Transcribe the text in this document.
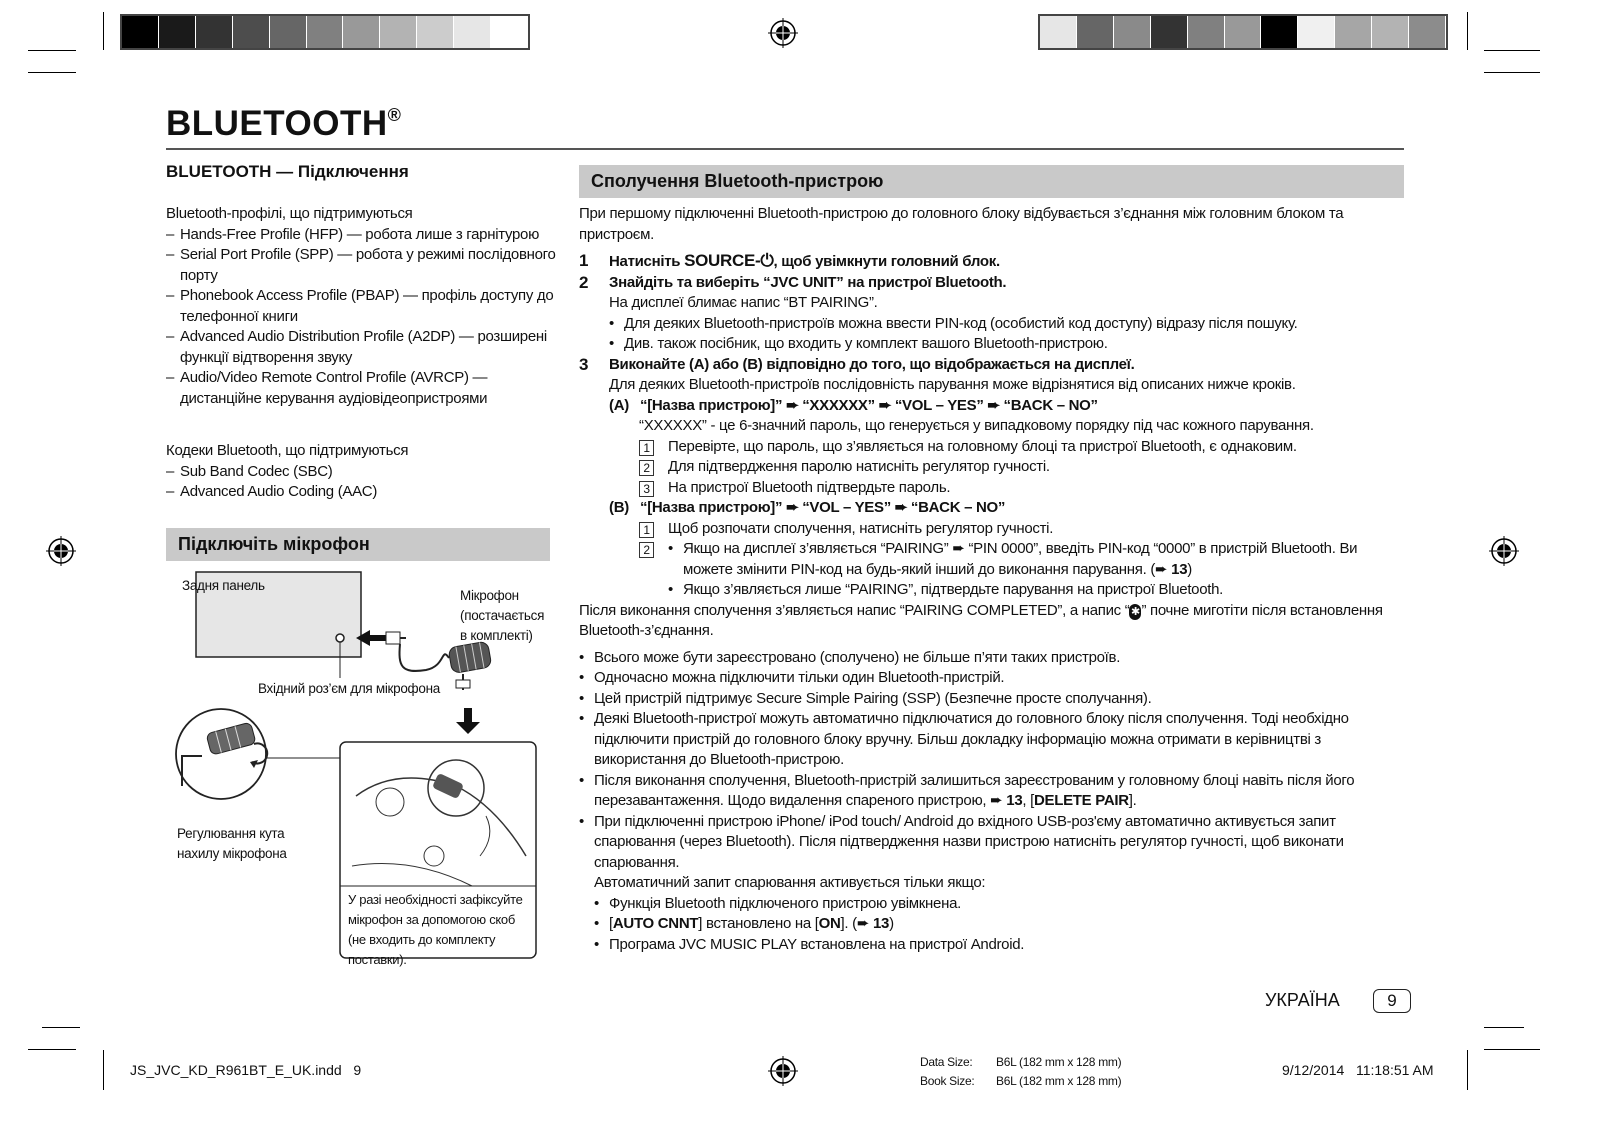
BLUETOOTH®
BLUETOOTH — Підключення
Bluetooth-профілі, що підтримуються
– Hands-Free Profile (HFP) — робота лише з гарнітурою
– Serial Port Profile (SPP) — робота у режимі послідовного порту
– Phonebook Access Profile (PBAP) — профіль доступу до телефонної книги
– Advanced Audio Distribution Profile (A2DP) — розширені функції відтворення звуку
– Audio/Video Remote Control Profile (AVRCP) — дистанційне керування аудіовідеопристроями
Кодеки Bluetooth, що підтримуються
– Sub Band Codec (SBC)
– Advanced Audio Coding (AAC)
Підключіть мікрофон
Задня панель
Мікрофон (постачається в комплекті)
Вхідний роз’єм для мікрофона
Регулювання кута нахилу мікрофона
У разі необхідності зафіксуйте мікрофон за допомогою скоб (не входить до комплекту поставки).
Сполучення Bluetooth-пристрою
При першому підключенні Bluetooth-пристрою до головного блоку відбувається з’єднання між головним блоком та пристроєм.
1 Натисніть SOURCE-⏻, щоб увімкнути головний блок.
2 Знайдіть та виберіть “JVC UNIT” на пристрої Bluetooth.
На дисплеї блимає напис “BT PAIRING”.
• Для деяких Bluetooth-пристроїв можна ввести PIN-код (особистий код доступу) відразу після пошуку.
• Див. також посібник, що входить у комплект вашого Bluetooth-пристрою.
3 Виконайте (A) або (B) відповідно до того, що відображається на дисплеї.
Для деяких Bluetooth-пристроїв послідовність парування може відрізнятися від описаних нижче кроків.
(A) “[Назва пристрою]” ➨ “XXXXXX” ➨ “VOL – YES” ➨ “BACK – NO”
“XXXXXX” - це 6-значний пароль, що генерується у випадковому порядку під час кожного парування.
1 Перевірте, що пароль, що з’являється на головному блоці та пристрої Bluetooth, є однаковим.
2 Для підтвердження паролю натисніть регулятор гучності.
3 На пристрої Bluetooth підтвердьте пароль.
(B) “[Назва пристрою]” ➨ “VOL – YES” ➨ “BACK – NO”
1 Щоб розпочати сполучення, натисніть регулятор гучності.
2
•	Якщо на дисплеї з’являється “PAIRING” ➨ “PIN 0000”, введіть PIN-код “0000” в пристрій Bluetooth. Ви можете змінити PIN-код на будь-який інший до виконання парування. (➨ 13)
• Якщо з’являється лише “PAIRING”, підтвердьте парування на пристрої Bluetooth.
Після виконання сполучення з’являється напис “PAIRING COMPLETED”, а напис “ ✱ ” почне миготіти після встановлення Bluetooth-з’єднання.
• Всього може бути зареєстровано (сполучено) не більше п’яти таких пристроїв.
• Одночасно можна підключити тільки один Bluetooth-пристрій.
• Цей пристрій підтримує Secure Simple Pairing (SSP) (Безпечне просте сполучання).
• Деякі Bluetooth-пристрої можуть автоматично підключатися до головного блоку після сполучення. Тоді необхідно підключити пристрій до головного блоку вручну. Більш докладку інформацію можна отримати в керівництві з використання до Bluetooth-пристрою.
• Після виконання сполучення, Bluetooth-пристрій залишиться зареєстрованим у головному блоці навіть після його перезавантаження. Щодо видалення спареного пристрою, ➨ 13, [DELETE PAIR].
• При підключенні пристрою iPhone/ iPod touch/ Android до вхідного USB-роз'єму автоматично активується запит спарювання (через Bluetooth). Після підтвердження назви пристрою натисніть регулятор гучності, щоб виконати спарювання.
Автоматичний запит спарювання активується тільки якщо:
• Функція Bluetooth підключеного пристрою увімкнена.
• [AUTO CNNT] встановлено на [ON]. (➨ 13)
• Програма JVC MUSIC PLAY встановлена на пристрої Android.
УКРАЇНА	9
JS_JVC_KD_R961BT_E_UK.indd   9	Data Size: B6L (182 mm x 128 mm)
Book Size: B6L (182 mm x 128 mm)
9/12/2014   11:18:51 AM
